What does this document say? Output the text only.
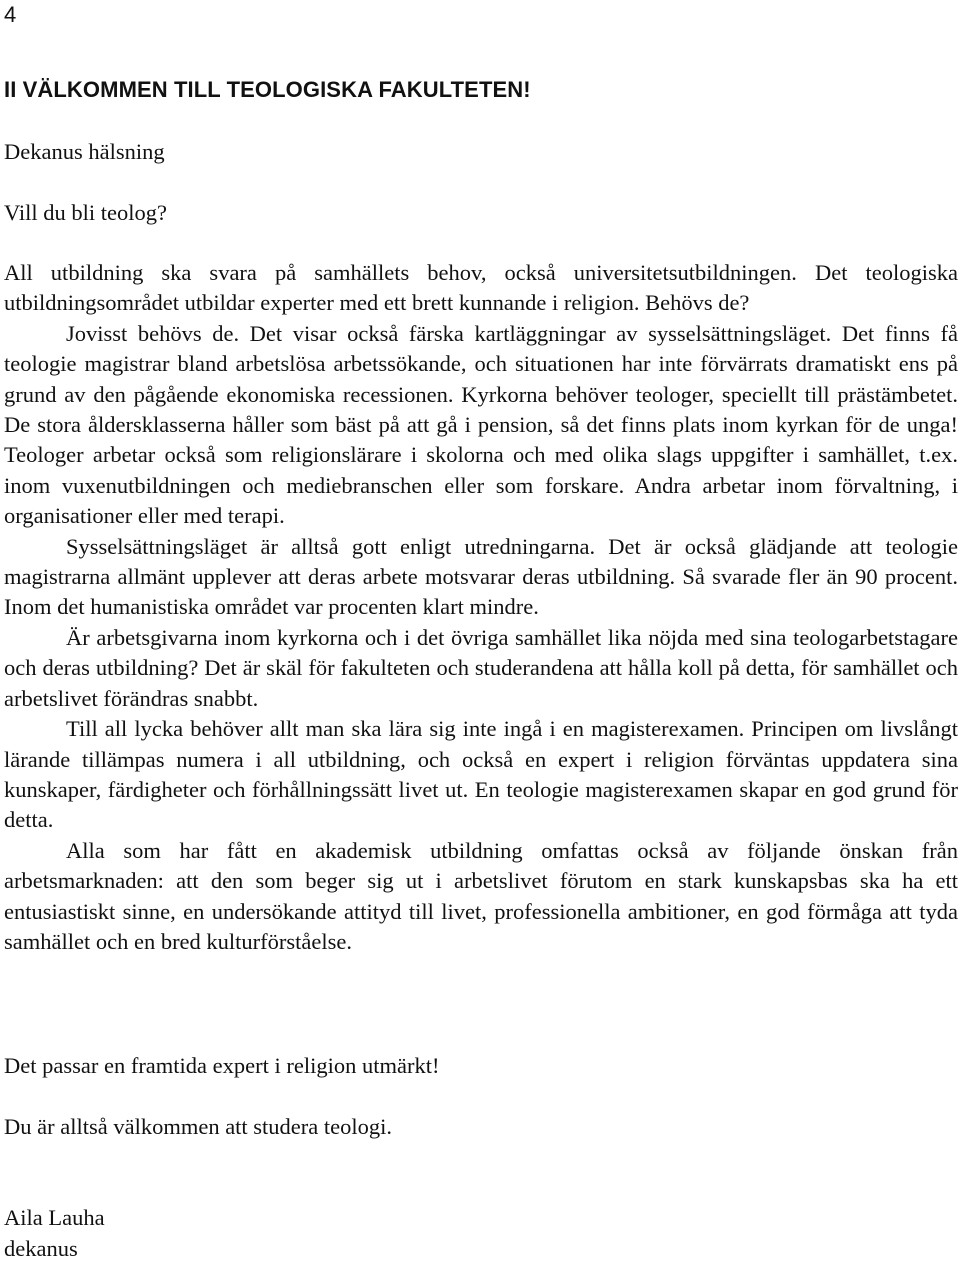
4
II VÄLKOMMEN TILL TEOLOGISKA FAKULTETEN!
Dekanus hälsning
Vill du bli teolog?

All utbildning ska svara på samhällets behov, också universitetsutbildningen. Det teologiska utbildningsområdet utbildar experter med ett brett kunnande i religion. Behövs de?

Jovisst behövs de. Det visar också färska kartläggningar av sysselsättningsläget. Det finns få teologie magistrar bland arbetslösa arbetssökande, och situationen har inte förvärrats dramatiskt ens på grund av den pågående ekonomiska recessionen. Kyrkorna behöver teologer, speciellt till prästämbetet. De stora åldersklasserna håller som bäst på att gå i pension, så det finns plats inom kyrkan för de unga! Teologer arbetar också som religionslärare i skolorna och med olika slags uppgifter i samhället, t.ex. inom vuxenutbildningen och mediebranschen eller som forskare. Andra arbetar inom förvaltning, i organisationer eller med terapi.

Sysselsättningsläget är alltså gott enligt utredningarna. Det är också glädjande att teologie magistrarna allmänt upplever att deras arbete motsvarar deras utbildning. Så svarade fler än 90 procent. Inom det humanistiska området var procenten klart mindre.

Är arbetsgivarna inom kyrkorna och i det övriga samhället lika nöjda med sina teologarbetstagare och deras utbildning? Det är skäl för fakulteten och studerandena att hålla koll på detta, för samhället och arbetslivet förändras snabbt.

Till all lycka behöver allt man ska lära sig inte ingå i en magisterexamen. Principen om livslångt lärande tillämpas numera i all utbildning, och också en expert i religion förväntas uppdatera sina kunskaper, färdigheter och förhållningssätt livet ut. En teologie magisterexamen skapar en god grund för detta.

Alla som har fått en akademisk utbildning omfattas också av följande önskan från arbetsmarknaden: att den som beger sig ut i arbetslivet förutom en stark kunskapsbas ska ha ett entusiastiskt sinne, en undersökande attityd till livet, professionella ambitioner, en god förmåga att tyda samhället och en bred kulturförståelse.

Det passar en framtida expert i religion utmärkt!
Du är alltså välkommen att studera teologi.
Aila Lauha
dekanus
